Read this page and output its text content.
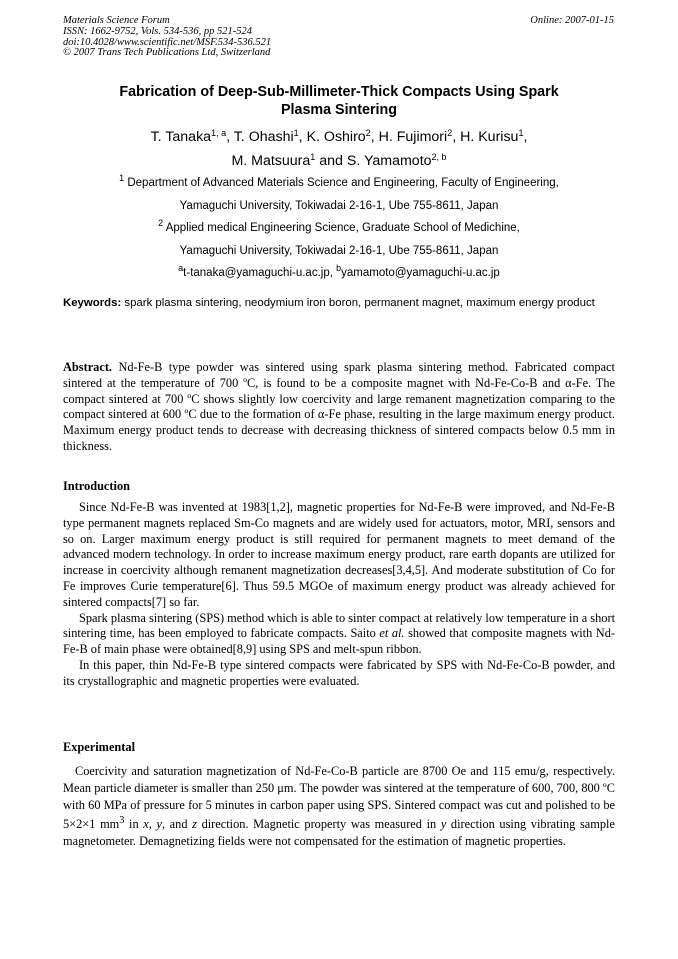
Materials Science Forum
ISSN: 1662-9752, Vols. 534-536, pp 521-524
doi:10.4028/www.scientific.net/MSF.534-536.521
© 2007 Trans Tech Publications Ltd, Switzerland
Online: 2007-01-15
Fabrication of Deep-Sub-Millimeter-Thick Compacts Using Spark
Plasma Sintering
T. Tanaka$^{1, a}$, T. Ohashi$^1$, K. Oshiro$^2$, H. Fujimori$^2$, H. Kurisu$^1$,
M. Matsuura$^1$ and S. Yamamoto$^{2, b}$
$^1$ Department of Advanced Materials Science and Engineering, Faculty of Engineering,
Yamaguchi University, Tokiwadai 2-16-1, Ube 755-8611, Japan
$^2$ Applied medical Engineering Science, Graduate School of Medichine,
Yamaguchi University, Tokiwadai 2-16-1, Ube 755-8611, Japan
$^a$t-tanaka@yamaguchi-u.ac.jp, $^b$yamamoto@yamaguchi-u.ac.jp
Keywords: spark plasma sintering, neodymium iron boron, permanent magnet, maximum energy product

Abstract. Nd-Fe-B type powder was sintered using spark plasma sintering method. Fabricated compact sintered at the temperature of 700 ºC, is found to be a composite magnet with Nd-Fe-Co-B and α-Fe. The compact sintered at 700 ºC shows slightly low coercivity and large remanent magnetization comparing to the compact sintered at 600 ºC due to the formation of α-Fe phase, resulting in the large maximum energy product. Maximum energy product tends to decrease with decreasing thickness of sintered compacts below 0.5 mm in thickness.

Introduction

Since Nd-Fe-B was invented at 1983[1,2], magnetic properties for Nd-Fe-B were improved, and Nd-Fe-B type permanent magnets replaced Sm-Co magnets and are widely used for actuators, motor, MRI, sensors and so on. Larger maximum energy product is still required for permanent magnets to meet demand of the advanced modern technology. In order to increase maximum energy product, rare earth dopants are utilized for increase in coercivity although remanent magnetization decreases[3,4,5]. And moderate substitution of Co for Fe improves Curie temperature[6]. Thus 59.5 MGOe of maximum energy product was already achieved for sintered compacts[7] so far.

Spark plasma sintering (SPS) method which is able to sinter compact at relatively low temperature in a short sintering time, has been employed to fabricate compacts. Saito et al. showed that composite magnets with Nd-Fe-B of main phase were obtained[8,9] using SPS and melt-spun ribbon.

In this paper, thin Nd-Fe-B type sintered compacts were fabricated by SPS with Nd-Fe-Co-B powder, and its crystallographic and magnetic properties were evaluated.

Experimental

Coercivity and saturation magnetization of Nd-Fe-Co-B particle are 8700 Oe and 115 emu/g, respectively. Mean particle diameter is smaller than 250 μm. The powder was sintered at the temperature of 600, 700, 800 ºC with 60 MPa of pressure for 5 minutes in carbon paper using SPS. Sintered compact was cut and polished to be 5×2×1 $mm^3$ in x, y, and z direction. Magnetic property was measured in y direction using vibrating sample magnetometer. Demagnetizing fields were not compensated for the estimation of magnetic properties.
